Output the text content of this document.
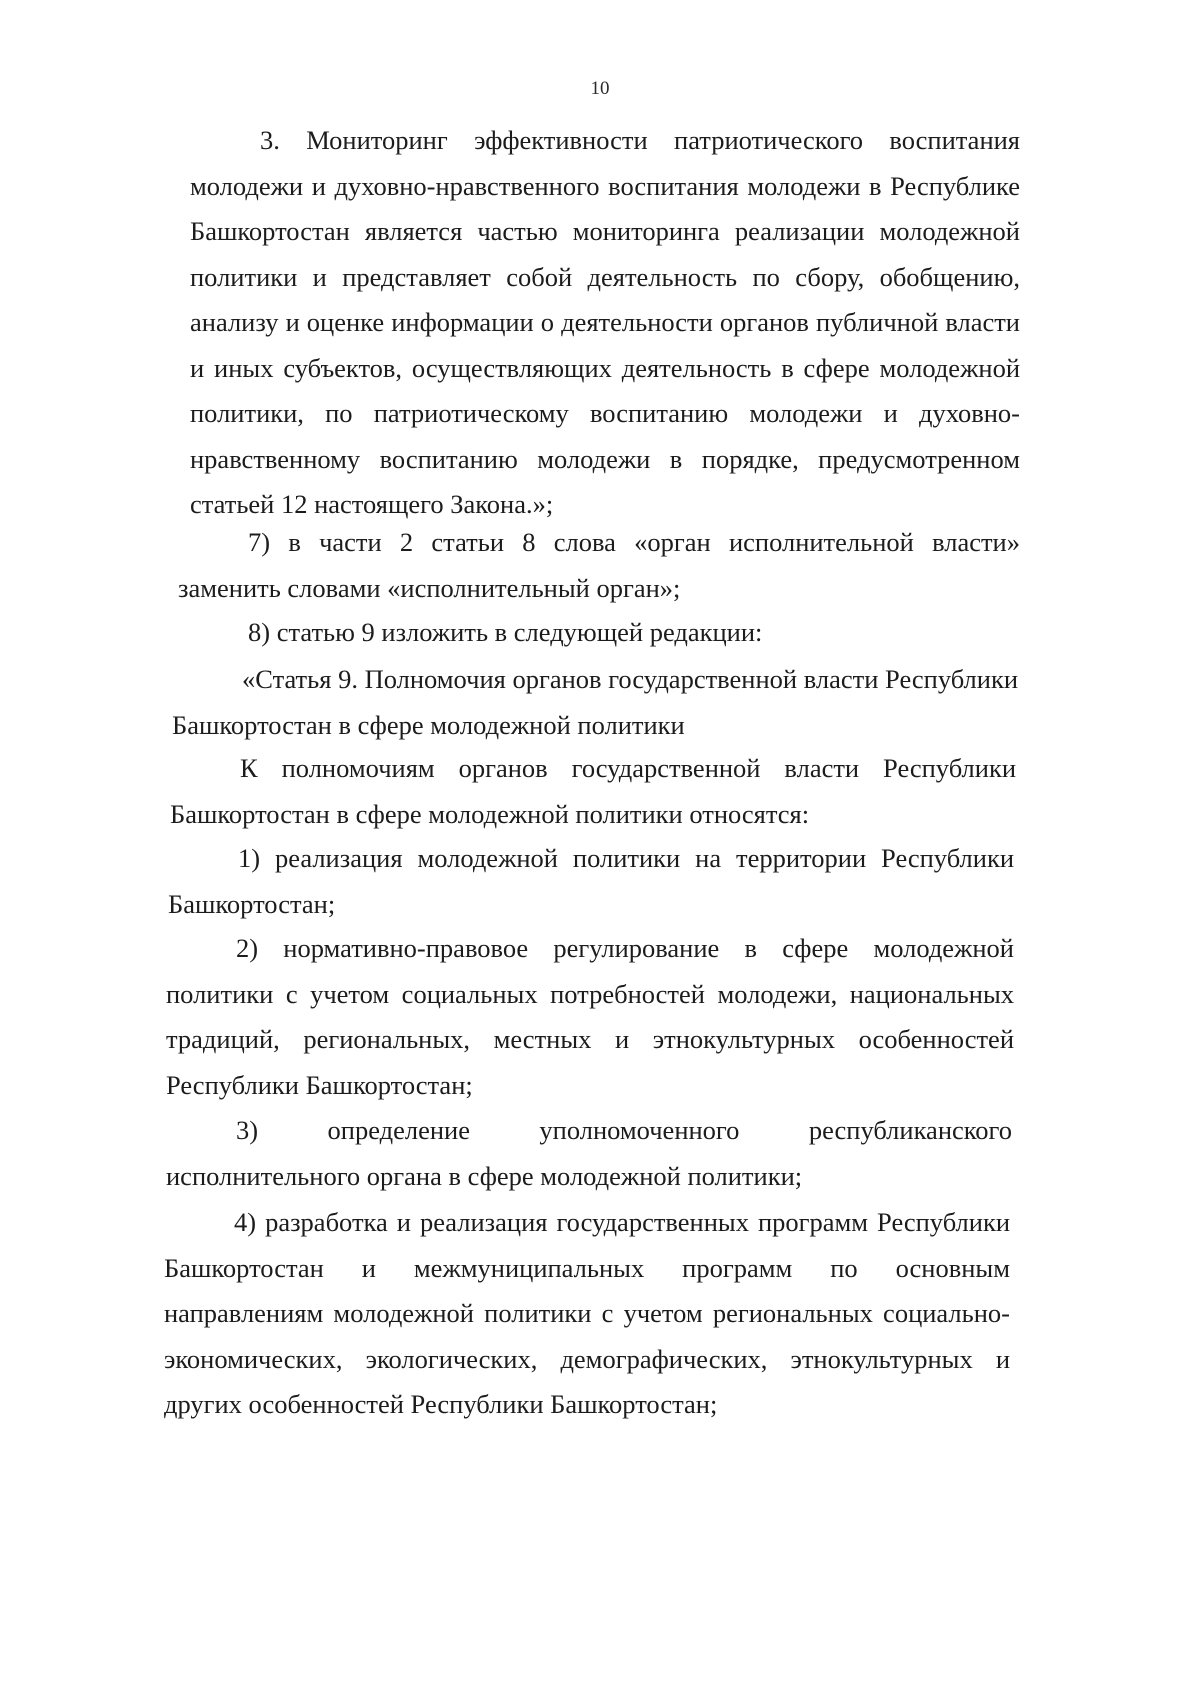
10

3. Мониторинг эффективности патриотического воспитания молодежи и духовно-нравственного воспитания молодежи в Республике Башкортостан является частью мониторинга реализации молодежной политики и представляет собой деятельность по сбору, обобщению, анализу и оценке информации о деятельности органов публичной власти и иных субъектов, осуществляющих деятельность в сфере молодежной политики, по патриотическому воспитанию молодежи и духовно-нравственному воспитанию молодежи в порядке, предусмотренном статьей 12 настоящего Закона.»;

7) в части 2 статьи 8 слова «орган исполнительной власти» заменить словами «исполнительный орган»;

8) статью 9 изложить в следующей редакции:

«Статья 9. Полномочия органов государственной власти Республики Башкортостан в сфере молодежной политики

К полномочиям органов государственной власти Республики Башкортостан в сфере молодежной политики относятся:

1) реализация молодежной политики на территории Республики Башкортостан;

2) нормативно-правовое регулирование в сфере молодежной политики с учетом социальных потребностей молодежи, национальных традиций, региональных, местных и этнокультурных особенностей Республики Башкортостан;

3) определение уполномоченного республиканского исполнительного органа в сфере молодежной политики;

4) разработка и реализация государственных программ Республики Башкортостан и межмуниципальных программ по основным направлениям молодежной политики с учетом региональных социально-экономических, экологических, демографических, этнокультурных и других особенностей Республики Башкортостан;
